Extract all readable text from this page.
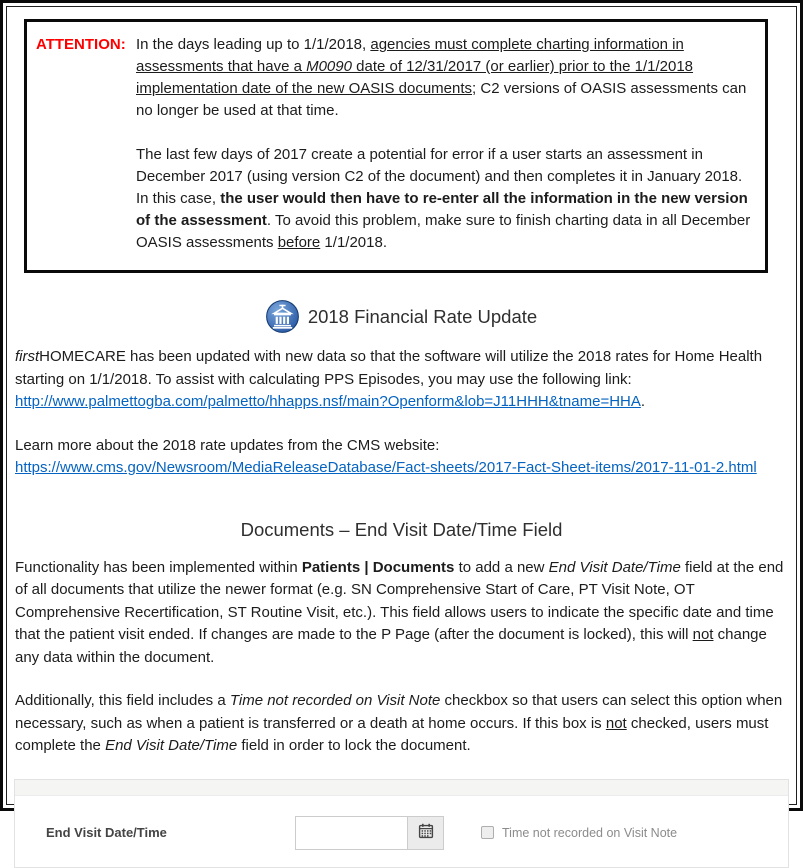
ATTENTION: In the days leading up to 1/1/2018, agencies must complete charting information in assessments that have a M0090 date of 12/31/2017 (or earlier) prior to the 1/1/2018 implementation date of the new OASIS documents; C2 versions of OASIS assessments can no longer be used at that time.

The last few days of 2017 create a potential for error if a user starts an assessment in December 2017 (using version C2 of the document) and then completes it in January 2018. In this case, the user would then have to re-enter all the information in the new version of the assessment. To avoid this problem, make sure to finish charting data in all December OASIS assessments before 1/1/2018.

2018 Financial Rate Update

firstHOMECARE has been updated with new data so that the software will utilize the 2018 rates for Home Health starting on 1/1/2018. To assist with calculating PPS Episodes, you may use the following link:
http://www.palmettogba.com/palmetto/hhapps.nsf/main?Openform&lob=J11HHH&tname=HHA.

Learn more about the 2018 rate updates from the CMS website:
https://www.cms.gov/Newsroom/MediaReleaseDatabase/Fact-sheets/2017-Fact-Sheet-items/2017-11-01-2.html

Documents – End Visit Date/Time Field

Functionality has been implemented within Patients | Documents to add a new End Visit Date/Time field at the end of all documents that utilize the newer format (e.g. SN Comprehensive Start of Care, PT Visit Note, OT Comprehensive Recertification, ST Routine Visit, etc.). This field allows users to indicate the specific date and time that the patient visit ended. If changes are made to the P Page (after the document is locked), this will not change any data within the document.

Additionally, this field includes a Time not recorded on Visit Note checkbox so that users can select this option when necessary, such as when a patient is transferred or a death at home occurs. If this box is not checked, users must complete the End Visit Date/Time field in order to lock the document.

End Visit Date/Time	Time not recorded on Visit Note
